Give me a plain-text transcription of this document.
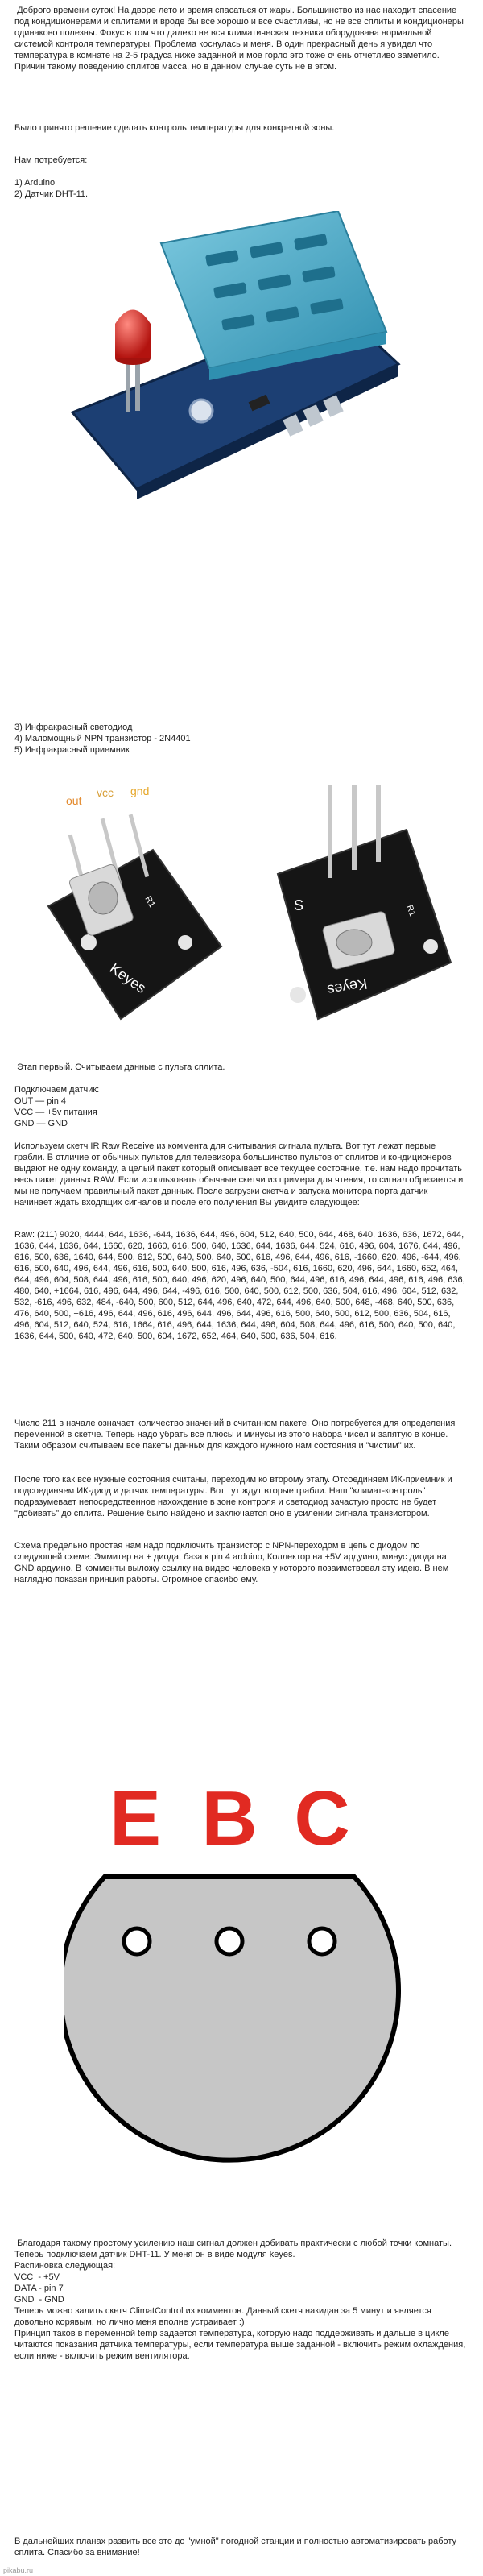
Доброго времени суток! На дворе лето и время спасаться от жары. Большинство из нас находит спасение под кондиционерами и сплитами и вроде бы все хорошо и все счастливы, но не все сплиты и кондиционеры одинаково полезны. Фокус в том что далеко не вся климатическая техника оборудована нормальной системой контроля температуры. Проблема коснулась и меня. В один прекрасный день я увидел что температура в комнате на 2-5 градуса ниже заданной и мое горло это тоже очень отчетливо заметило. Причин такому поведению сплитов масса, но в данном случае суть не в этом.
Было принято решение сделать контроль температуры для конкретной зоны.
Нам потребуется:
1) Arduino
2) Датчик DHT-11.
3) Инфракрасный светодиод
4) Маломощный NPN транзистор - 2N4401
5) Инфракрасный приемник
out
vcc gnd
R1
Keyes
S
-
R1
Keyes
Этап первый. Считываем данные с пульта сплита.
Подключаем датчик:
OUT — pin 4
VCC — +5v питания
GND — GND
Используем скетч IR Raw Receive из коммента для считывания сигнала пульта. Вот тут лежат первые грабли. В отличие от обычных пультов для телевизора большинство пультов от сплитов и кондиционеров выдают не одну команду, а целый пакет который описывает все текущее состояние, т.е. нам надо прочитать весь пакет данных RAW. Если использовать обычные скетчи из примера для чтения, то сигнал обрезается и мы не получаем правильный пакет данных. После загрузки скетча и запуска монитора порта датчик начинает ждать входящих сигналов и после его получения Вы увидите следующее:
Raw: (211) 9020, 4444, 644, 1636, -644, 1636, 644, 496, 604, 512, 640, 500, 644, 468, 640, 1636, 636, 1672, 644, 1636, 644, 1636, 644, 1660, 620, 1660, 616, 500, 640, 1636, 644, 1636, 644, 524, 616, 496, 604, 1676, 644, 496, 616, 500, 636, 1640, 644, 500, 612, 500, 640, 500, 640, 500, 616, 496, 644, 496, 616, -1660, 620, 496, -644, 496, 616, 500, 640, 496, 644, 496, 616, 500, 640, 500, 616, 496, 636, -504, 616, 1660, 620, 496, 644, 1660, 652, 464, 644, 496, 604, 508, 644, 496, 616, 500, 640, 496, 620, 496, 640, 500, 644, 496, 616, 496, 644, 496, 616, 496, 636, 480, 640, +1664, 616, 496, 644, 496, 644, -496, 616, 500, 640, 500, 612, 500, 636, 504, 616, 496, 604, 512, 632, 532, -616, 496, 632, 484, -640, 500, 600, 512, 644, 496, 640, 472, 644, 496, 640, 500, 648, -468, 640, 500, 636, 476, 640, 500, +616, 496, 644, 496, 616, 496, 644, 496, 644, 496, 616, 500, 640, 500, 612, 500, 636, 504, 616, 496, 604, 512, 640, 524, 616, 1664, 616, 496, 644, 1636, 644, 496, 604, 508, 644, 496, 616, 500, 640, 500, 640, 1636, 644, 500, 640, 472, 640, 500, 604, 1672, 652, 464, 640, 500, 636, 504, 616,
Число 211 в начале означает количество значений в считанном пакете. Оно потребуется для определения переменной в скетче. Теперь надо убрать все плюсы и минусы из этого набора чисел и запятую в конце. Таким образом считываем все пакеты данных для каждого нужного нам состояния и "чистим" их.
После того как все нужные состояния считаны, переходим ко второму этапу. Отсоединяем ИК-приемник и подсоединяем ИК-диод и датчик температуры. Вот тут ждут вторые грабли. Наш "климат-контроль" подразумевает непосредственное нахождение в зоне контроля и светодиод зачастую просто не будет "добивать" до сплита. Решение было найдено и заключается оно в усилении сигнала транзистором.
Схема предельно простая нам надо подключить транзистор с NPN-переходом в цепь с диодом по следующей схеме: Эммитер на + диода, база к pin 4 arduino, Коллектор на +5V ардуино, минус диода на GND ардуино. В комменты выложу ссылку на видео человека у которого позаимствовал эту идею. В нем наглядно показан принцип работы. Огромное спасибо ему.
E B C
Благодаря такому простому усилению наш сигнал должен добивать практически с любой точки комнаты.
Теперь подключаем датчик DHT-11. У меня он в виде модуля keyes.
Распиновка следующая:
VCC  - +5V
DATA - pin 7
GND  - GND
Теперь можно залить скетч ClimatControl из комментов. Данный скетч накидан за 5 минут и является довольно корявым, но лично меня вполне устраивает :)
Принцип таков в переменной temp задается температура, которую надо поддерживать и дальше в цикле читаются показания датчика температуры, если температура выше заданной - включить режим охлаждения, если ниже - включить режим вентилятора.
В дальнейших планах развить все это до "умной" погодной станции и полностью автоматизировать работу сплита. Спасибо за внимание!
pikabu.ru
